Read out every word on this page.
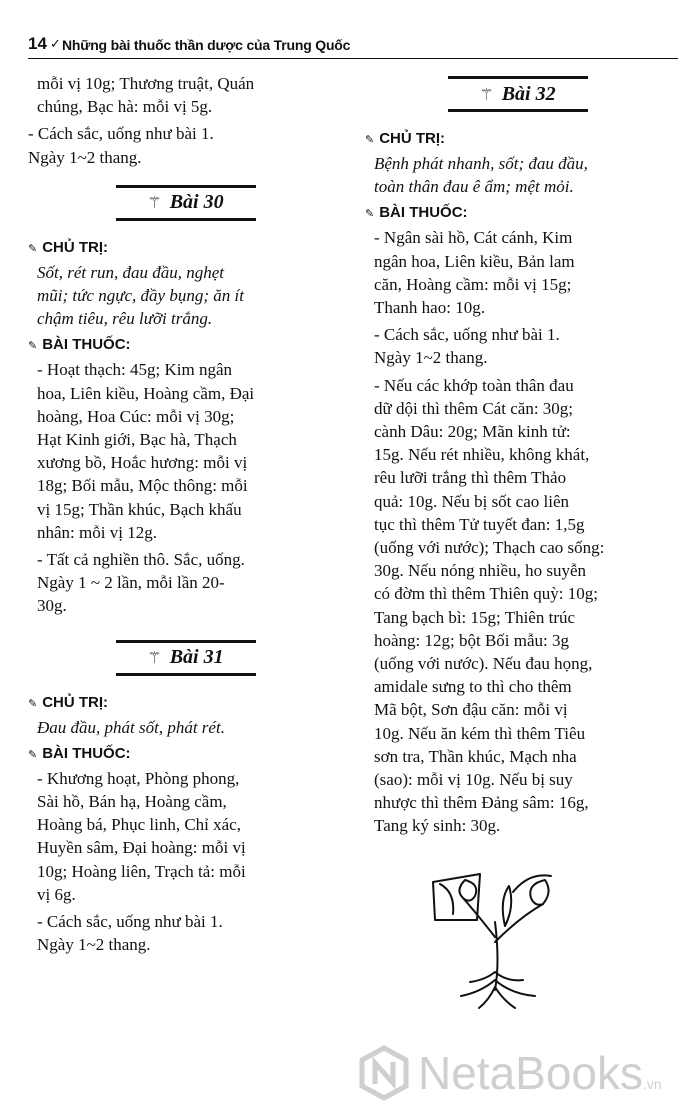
14 ✓ Những bài thuốc thần dược của Trung Quốc

mỗi vị 10g; Thương truật, Quán

chúng, Bạc hà: mỗi vị 5g.

- Cách sắc, uống như bài 1.

Ngày 1~2 thang.

⚚ Bài 30
✎ CHỦ TRỊ:

Sốt, rét run, đau đầu, nghẹt

mũi; tức ngực, đầy bụng; ăn ít

chậm tiêu, rêu lưỡi trắng.

✎ BÀI THUỐC:

- Hoạt thạch: 45g; Kim ngân

hoa, Liên kiều, Hoàng cầm, Đại

hoàng, Hoa Cúc: mỗi vị 30g;

Hạt Kinh giới, Bạc hà, Thạch

xương bồ, Hoắc hương: mỗi vị

18g; Bối mẫu, Mộc thông: mỗi

vị 15g; Thần khúc, Bạch khấu

nhân: mỗi vị 12g.

- Tất cả nghiền thô. Sắc, uống.

Ngày 1 ~ 2 lần, mỗi lần 20-

30g.

⚚ Bài 31
✎ CHỦ TRỊ:

Đau đầu, phát sốt, phát rét.

✎ BÀI THUỐC:

- Khương hoạt, Phòng phong,

Sài hồ, Bán hạ, Hoàng cầm,

Hoàng bá, Phục linh, Chỉ xác,

Huyền sâm, Đại hoàng: mỗi vị

10g; Hoàng liên, Trạch tả: mỗi

vị 6g.

- Cách sắc, uống như bài 1.

Ngày 1~2 thang.

⚚ Bài 32
✎ CHỦ TRỊ:

Bệnh phát nhanh, sốt; đau đầu,

toàn thân đau ê ẩm; mệt mỏi.

✎ BÀI THUỐC:

- Ngân sài hồ, Cát cánh, Kim

ngân hoa, Liên kiều, Bản lam

căn, Hoàng cầm: mỗi vị 15g;

Thanh hao: 10g.

- Cách sắc, uống như bài 1.

Ngày 1~2 thang.

- Nếu các khớp toàn thân đau

dữ dội thì thêm Cát căn: 30g;

cành Dâu: 20g; Mãn kinh tử:

15g. Nếu rét nhiều, không khát,

rêu lưỡi trắng thì thêm Thảo

quả: 10g. Nếu bị sốt cao liên

tục thì thêm Tử tuyết đan: 1,5g

(uống với nước); Thạch cao sống:

30g. Nếu nóng nhiều, ho suyễn

có đờm thì thêm Thiên quỳ: 10g;

Tang bạch bì: 15g; Thiên trúc

hoàng: 12g; bột Bối mẫu: 3g

(uống với nước). Nếu đau họng,

amidale sưng to thì cho thêm

Mã bột, Sơn đậu căn: mỗi vị

10g. Nếu ăn kém thì thêm Tiêu

sơn tra, Thần khúc, Mạch nha

(sao): mỗi vị 10g. Nếu bị suy

nhược thì thêm Đảng sâm: 16g,

Tang ký sinh: 30g.

NetaBooks .vn
